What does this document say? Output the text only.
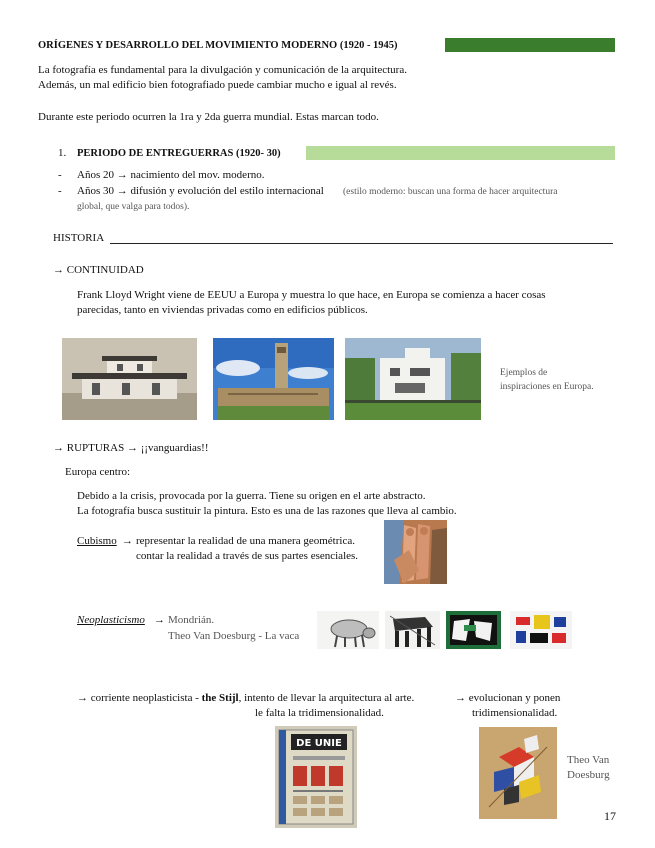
ORÍGENES Y DESARROLLO DEL MOVIMIENTO MODERNO (1920 - 1945)
La fotografía es fundamental para la divulgación y comunicación de la arquitectura.
Además, un mal edificio bien fotografiado puede cambiar mucho e igual al revés.
Durante este periodo ocurren la 1ra y 2da guerra mundial. Estas marcan todo.
1. PERIODO DE ENTREGUERRAS (1920- 30)
- Años 20 → nacimiento del mov. moderno.
- Años 30 → difusión y evolución del estilo internacional (estilo moderno: buscan una forma de hacer arquitectura
global, que valga para todos).
HISTORIA
→ CONTINUIDAD
Frank Lloyd Wright viene de EEUU a Europa y muestra lo que hace, en Europa se comienza a hacer cosas
parecidas, tanto en viviendas privadas como en edificios públicos.
Ejemplos de
inspiraciones en Europa.
→ RUPTURAS → ¡¡vanguardias!!
Europa centro:
Debido a la crisis, provocada por la guerra. Tiene su origen en el arte abstracto.
La fotografía busca sustituir la pintura. Esto es una de las razones que lleva al cambio.
Cubismo → representar la realidad de una manera geométrica.
contar la realidad a través de sus partes esenciales.
Neoplasticismo → Mondrián.
Theo Van Doesburg - La vaca
→ corriente neoplasticista - the Stijl, intento de llevar la arquitectura al arte.
le falta la tridimensionalidad.
→ evolucionan y ponen
tridimensionalidad.
DE UNIE
Theo Van
Doesburg
17
